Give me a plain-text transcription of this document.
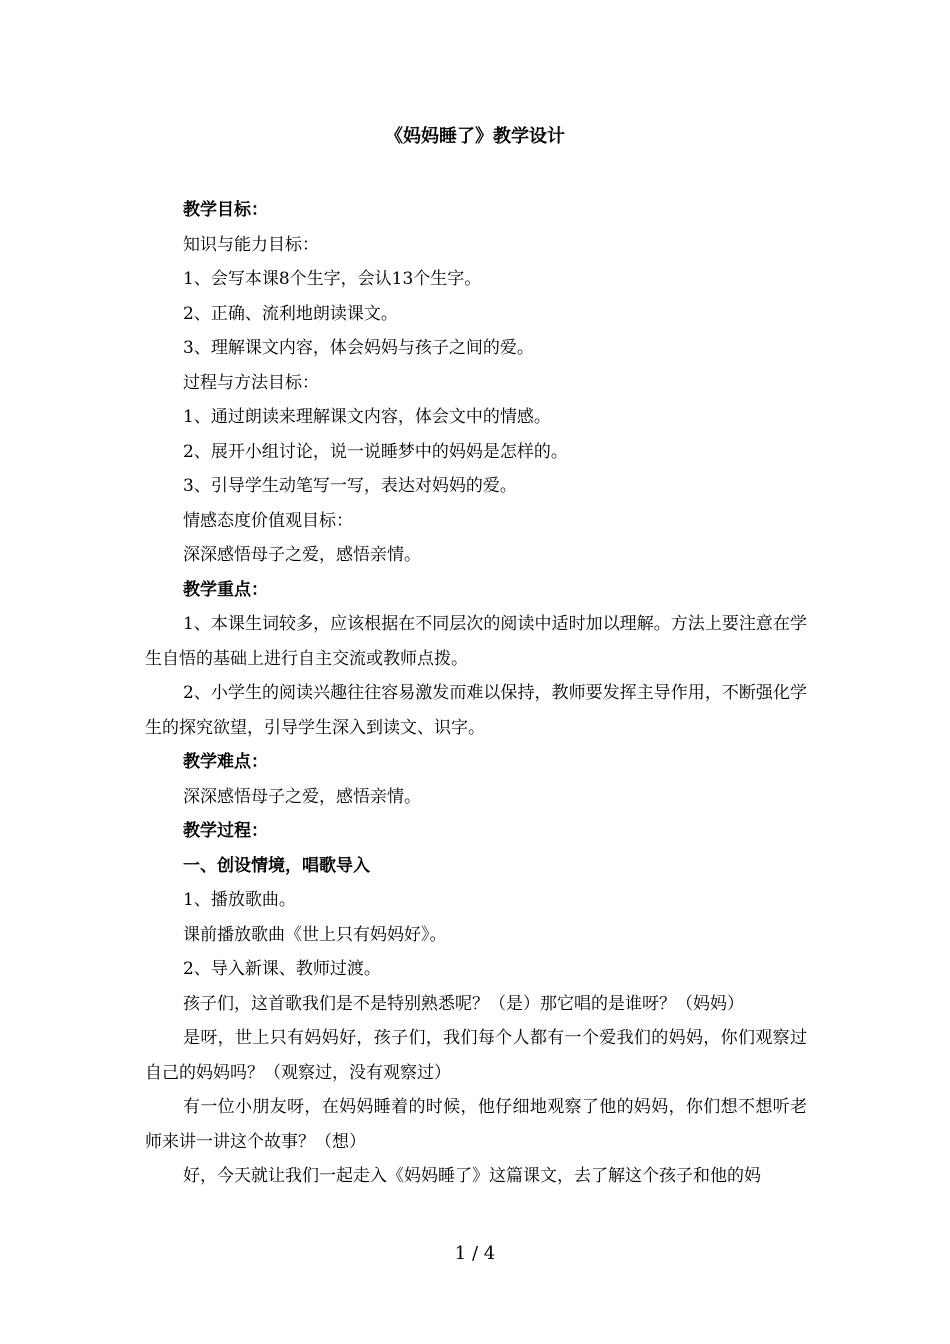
《妈妈睡了》教学设计

教学目标：

知识与能力目标：

1、会写本课8个生字，会认13个生字。

2、正确、流利地朗读课文。

3、理解课文内容，体会妈妈与孩子之间的爱。

过程与方法目标：

1、通过朗读来理解课文内容，体会文中的情感。

2、展开小组讨论，说一说睡梦中的妈妈是怎样的。

3、引导学生动笔写一写，表达对妈妈的爱。

情感态度价值观目标：

深深感悟母子之爱，感悟亲情。

教学重点：

1、本课生词较多，应该根据在不同层次的阅读中适时加以理解。方法上要注意在学生自悟的基础上进行自主交流或教师点拨。

2、小学生的阅读兴趣往往容易激发而难以保持，教师要发挥主导作用，不断强化学生的探究欲望，引导学生深入到读文、识字。

教学难点：

深深感悟母子之爱，感悟亲情。

教学过程：

一、创设情境，唱歌导入

1、播放歌曲。

课前播放歌曲《世上只有妈妈好》。

2、导入新课、教师过渡。

孩子们，这首歌我们是不是特别熟悉呢？（是）那它唱的是谁呀？（妈妈）

是呀，世上只有妈妈好，孩子们，我们每个人都有一个爱我们的妈妈，你们观察过自己的妈妈吗？（观察过，没有观察过）

有一位小朋友呀，在妈妈睡着的时候，他仔细地观察了他的妈妈，你们想不想听老师来讲一讲这个故事？（想）

好，今天就让我们一起走入《妈妈睡了》这篇课文，去了解这个孩子和他的妈

1 / 4
